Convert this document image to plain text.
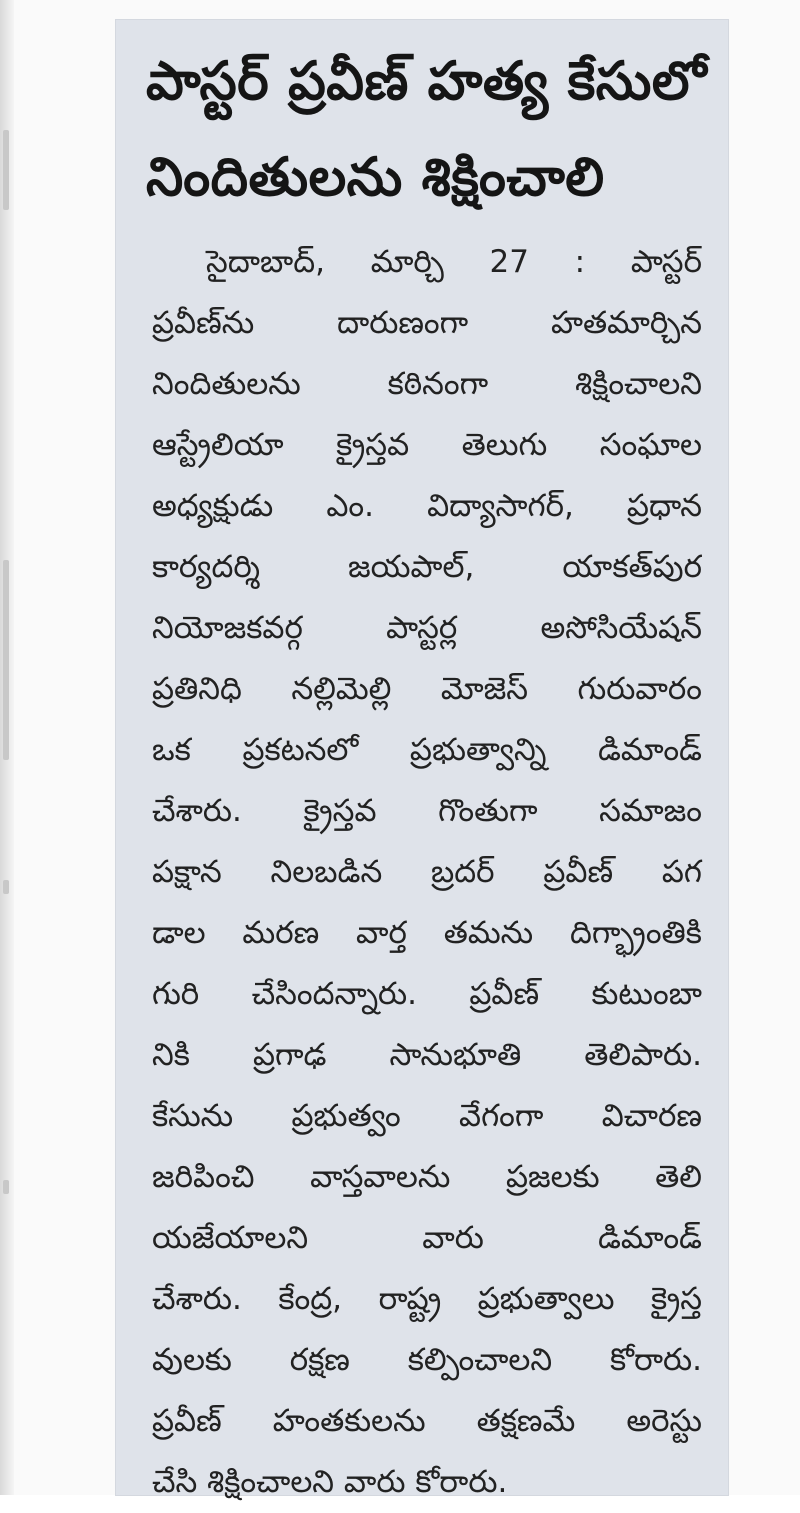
పాస్టర్ ప్రవీణ్ హత్య కేసులో
నిందితులను శిక్షించాలి
సైదాబాద్, మార్చి 27 : పాస్టర్
ప్రవీణ్‌ను	దారుణంగా	హతమార్చిన
నిందితులను	కఠినంగా	శిక్షించాలని
ఆస్ట్రేలియా క్రైస్తవ తెలుగు సంఘాల
అధ్యక్షుడు ఎం. విద్యాసాగర్, ప్రధాన
కార్యదర్శి	జయపాల్,	యాకత్‌పుర
నియోజకవర్గ	పాస్టర్ల	అసోసియేషన్
ప్రతినిధి నల్లిమెల్లి మోజెస్ గురువారం
ఒక ప్రకటనలో ప్రభుత్వాన్ని డిమాండ్
చేశారు. క్రైస్తవ గొంతుగా సమాజం
పక్షాన నిలబడిన బ్రదర్ ప్రవీణ్ పగ
డాల మరణ వార్త తమను దిగ్భ్రాంతికి
గురి చేసిందన్నారు. ప్రవీణ్ కుటుంబా
నికి ప్రగాఢ సానుభూతి తెలిపారు.
కేసును ప్రభుత్వం వేగంగా విచారణ
జరిపించి వాస్తవాలను ప్రజలకు తెలి
యజేయాలని	వారు	డిమాండ్
చేశారు. కేంద్ర, రాష్ట్ర ప్రభుత్వాలు క్రైస్త
వులకు రక్షణ కల్పించాలని కోరారు.
ప్రవీణ్ హంతకులను తక్షణమే అరెస్టు
చేసి శిక్షించాలని వారు కోరారు.
